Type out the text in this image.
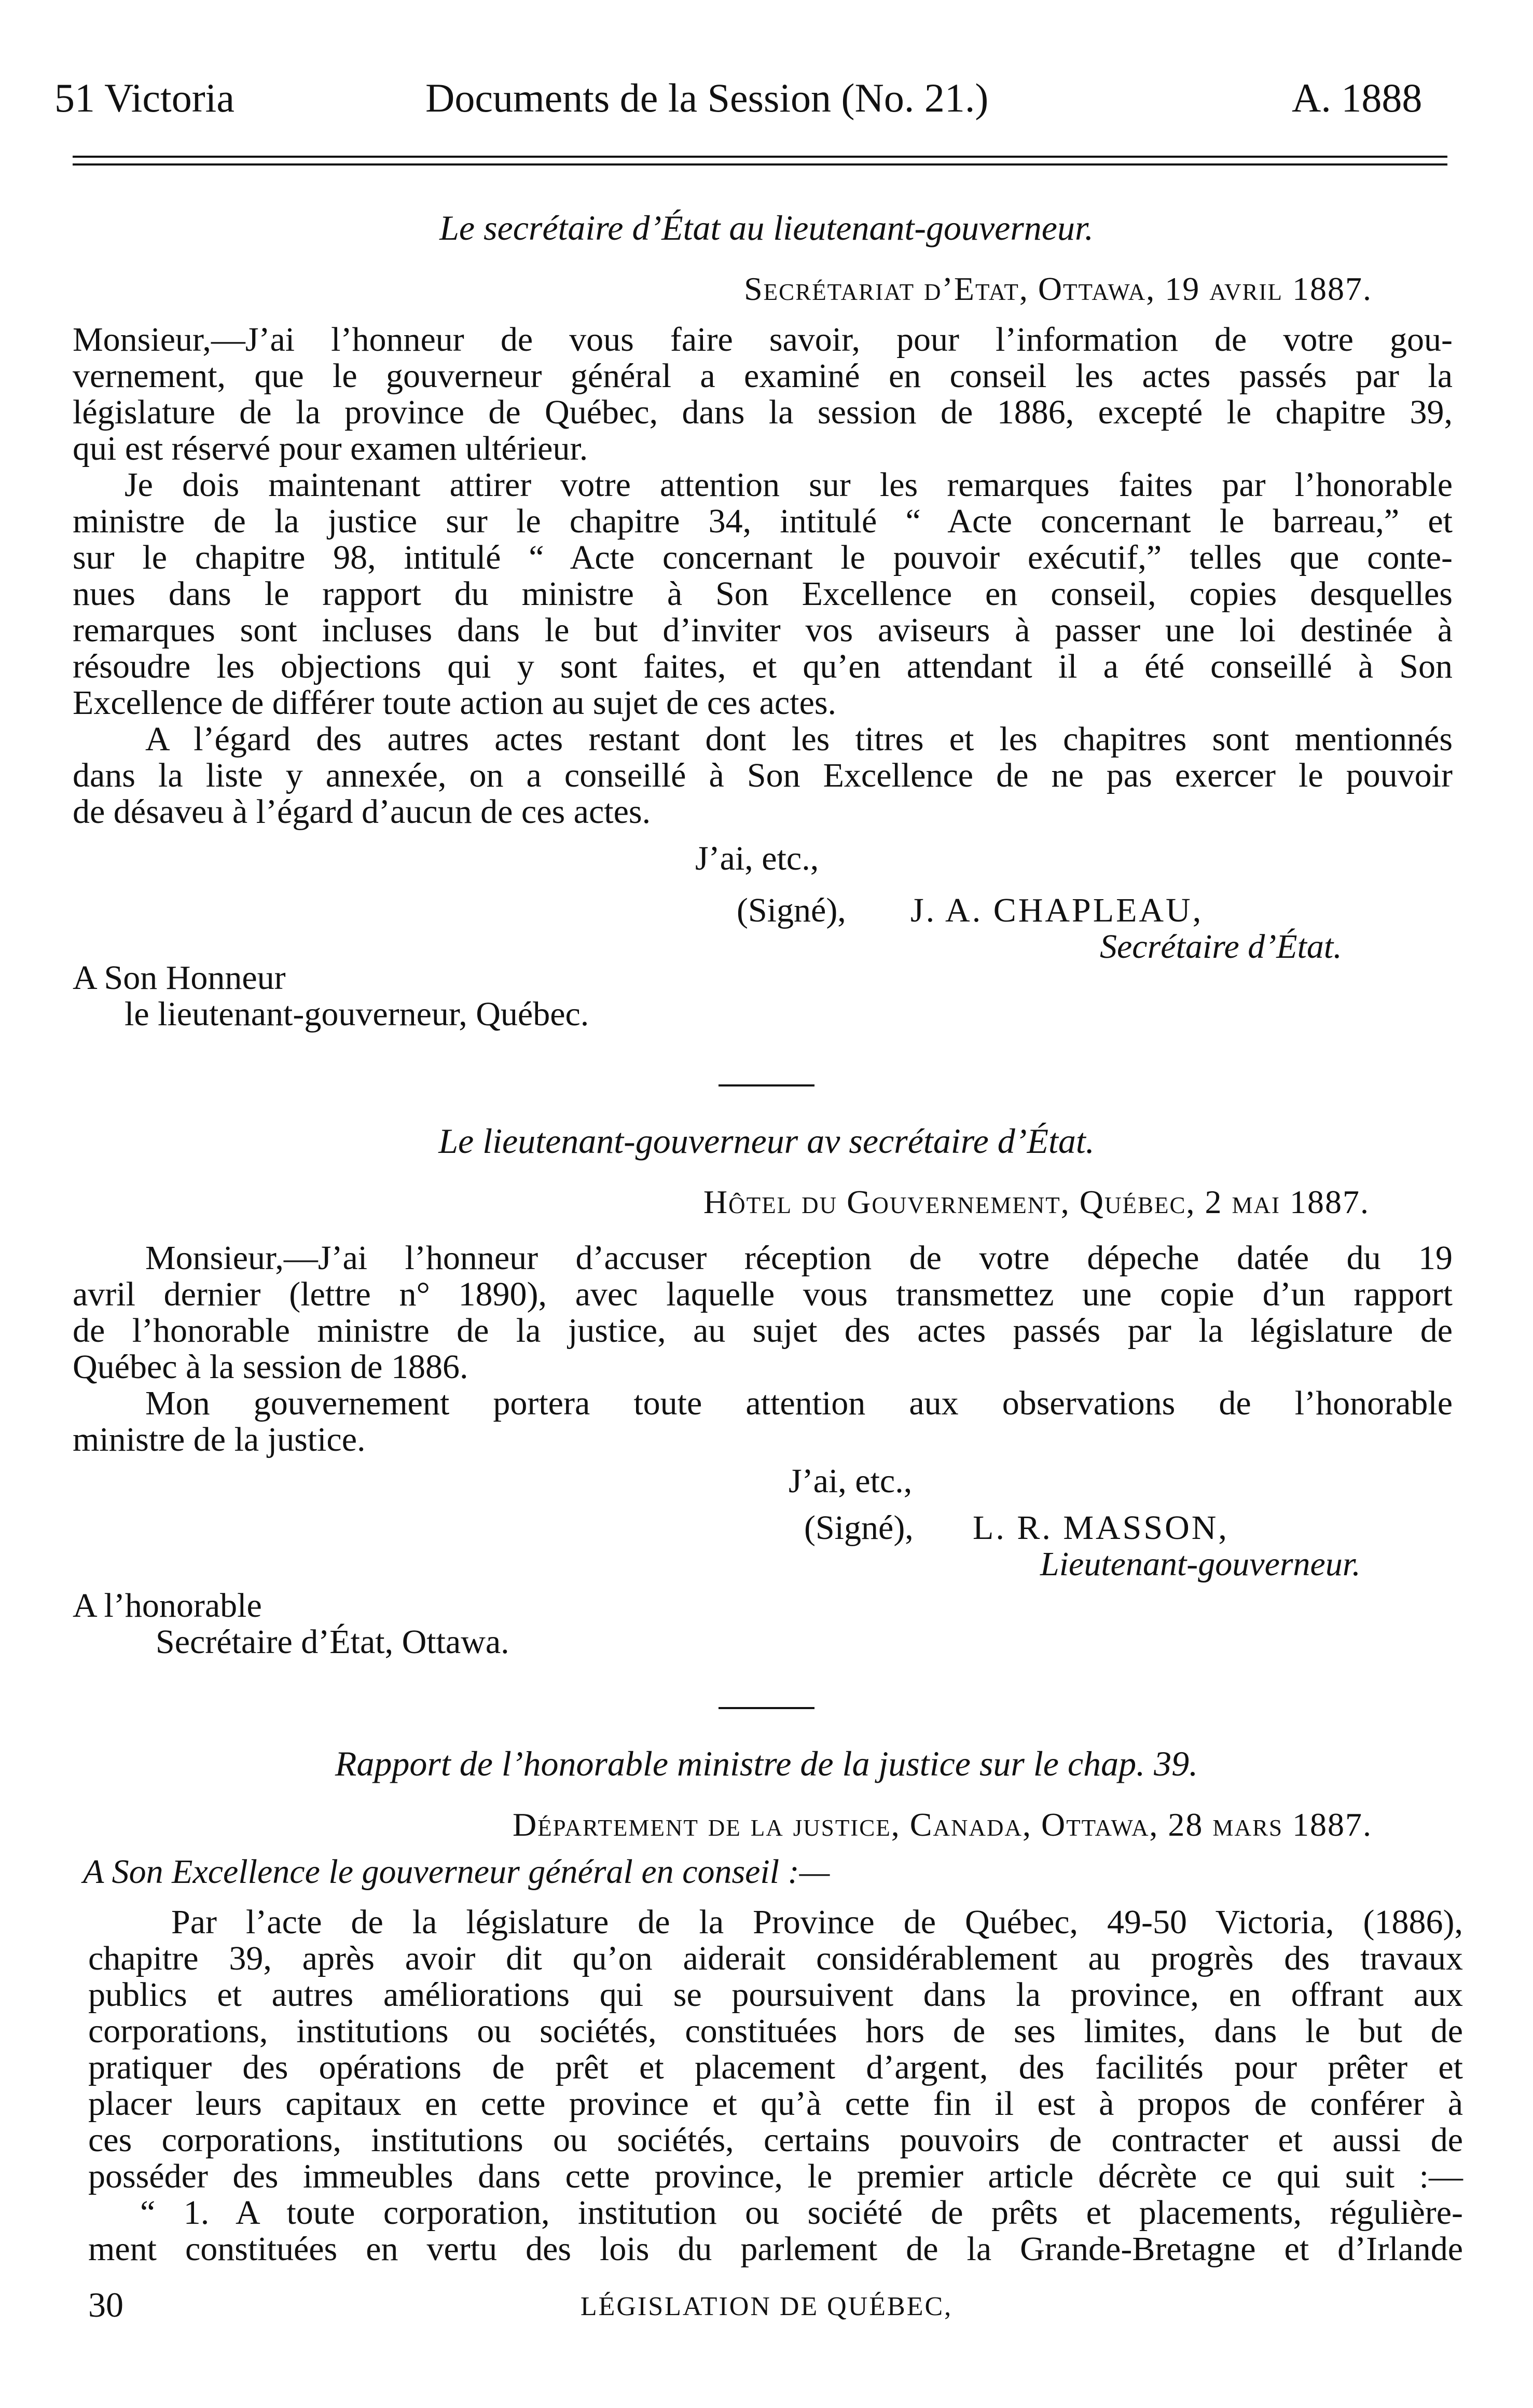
51 Victoria	Documents de la Session (No. 21.)	A. 1888
Le secrétaire d’État au lieutenant-gouverneur.
Secrétariat d’Etat, Ottawa, 19 avril 1887.
Monsieur,—J’ai l’honneur de vous faire savoir, pour l’information de votre gou-
vernement, que le gouverneur général a examiné en conseil les actes passés par la
législature de la province de Québec, dans la session de 1886, excepté le chapitre 39,
qui est réservé pour examen ultérieur.
Je dois maintenant attirer votre attention sur les remarques faites par l’honorable
ministre de la justice sur le chapitre 34, intitulé “ Acte concernant le barreau,” et
sur le chapitre 98, intitulé “ Acte concernant le pouvoir exécutif,” telles que conte-
nues dans le rapport du ministre à Son Excellence en conseil, copies desquelles
remarques sont incluses dans le but d’inviter vos aviseurs à passer une loi destinée à
résoudre les objections qui y sont faites, et qu’en attendant il a été conseillé à Son
Excellence de différer toute action au sujet de ces actes.
A l’égard des autres actes restant dont les titres et les chapitres sont mentionnés
dans la liste y annexée, on a conseillé à Son Excellence de ne pas exercer le pouvoir
de désaveu à l’égard d’aucun de ces actes.
J’ai, etc.,
(Signé), J. A. CHAPLEAU,
Secrétaire d’État.
A Son Honneur
le lieutenant-gouverneur, Québec.
Le lieutenant-gouverneur av secrétaire d’État.
Hôtel du Gouvernement, Québec, 2 mai 1887.
Monsieur,—J’ai l’honneur d’accuser réception de votre dépeche datée du 19
avril dernier (lettre n° 1890), avec laquelle vous transmettez une copie d’un rapport
de l’honorable ministre de la justice, au sujet des actes passés par la législature de
Québec à la session de 1886.
Mon gouvernement portera toute attention aux observations de l’honorable
ministre de la justice.
J’ai, etc.,
(Signé), L. R. MASSON,
Lieutenant-gouverneur.
A l’honorable
Secrétaire d’État, Ottawa.
Rapport de l’honorable ministre de la justice sur le chap. 39.
Département de la justice, Canada, Ottawa, 28 mars 1887.
A Son Excellence le gouverneur général en conseil :—
Par l’acte de la législature de la Province de Québec, 49-50 Victoria, (1886),
chapitre 39, après avoir dit qu’on aiderait considérablement au progrès des travaux
publics et autres améliorations qui se poursuivent dans la province, en offrant aux
corporations, institutions ou sociétés, constituées hors de ses limites, dans le but de
pratiquer des opérations de prêt et placement d’argent, des facilités pour prêter et
placer leurs capitaux en cette province et qu’à cette fin il est à propos de conférer à
ces corporations, institutions ou sociétés, certains pouvoirs de contracter et aussi de
posséder des immeubles dans cette province, le premier article décrète ce qui suit :—
“ 1. A toute corporation, institution ou société de prêts et placements, régulière-
ment constituées en vertu des lois du parlement de la Grande-Bretagne et d’Irlande
30	LÉGISLATION DE QUÉBEC,
